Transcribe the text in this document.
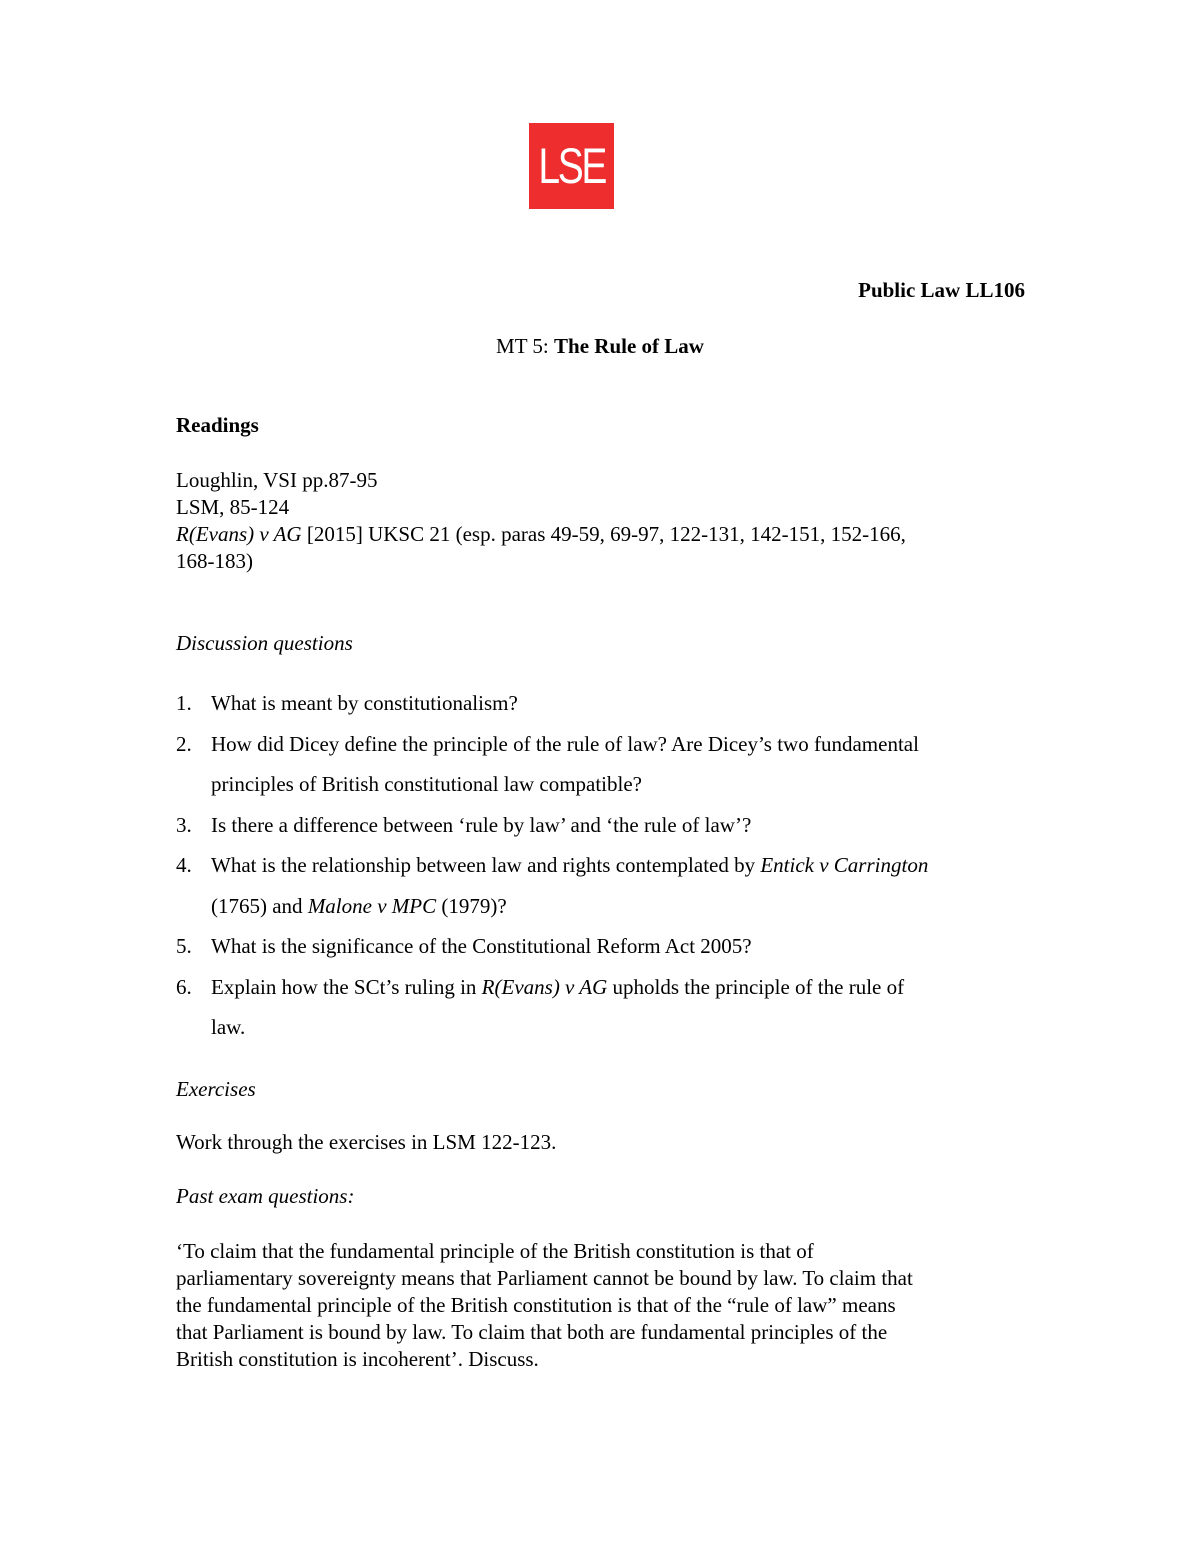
LSE
Public Law LL106
MT 5: The Rule of Law
Readings
Loughlin, VSI pp.87-95
LSM, 85-124
R(Evans) v AG [2015] UKSC 21 (esp. paras 49-59, 69-97, 122-131, 142-151, 152-166,
168-183)
Discussion questions
1. What is meant by constitutionalism?
2. How did Dicey define the principle of the rule of law? Are Dicey’s two fundamental
principles of British constitutional law compatible?
3. Is there a difference between ‘rule by law’ and ‘the rule of law’?
4. What is the relationship between law and rights contemplated by Entick v Carrington
(1765) and Malone v MPC (1979)?
5. What is the significance of the Constitutional Reform Act 2005?
6. Explain how the SCt’s ruling in R(Evans) v AG upholds the principle of the rule of
law.
Exercises
Work through the exercises in LSM 122-123.
Past exam questions:
‘To claim that the fundamental principle of the British constitution is that of
parliamentary sovereignty means that Parliament cannot be bound by law. To claim that
the fundamental principle of the British constitution is that of the “rule of law” means
that Parliament is bound by law. To claim that both are fundamental principles of the
British constitution is incoherent’. Discuss.
